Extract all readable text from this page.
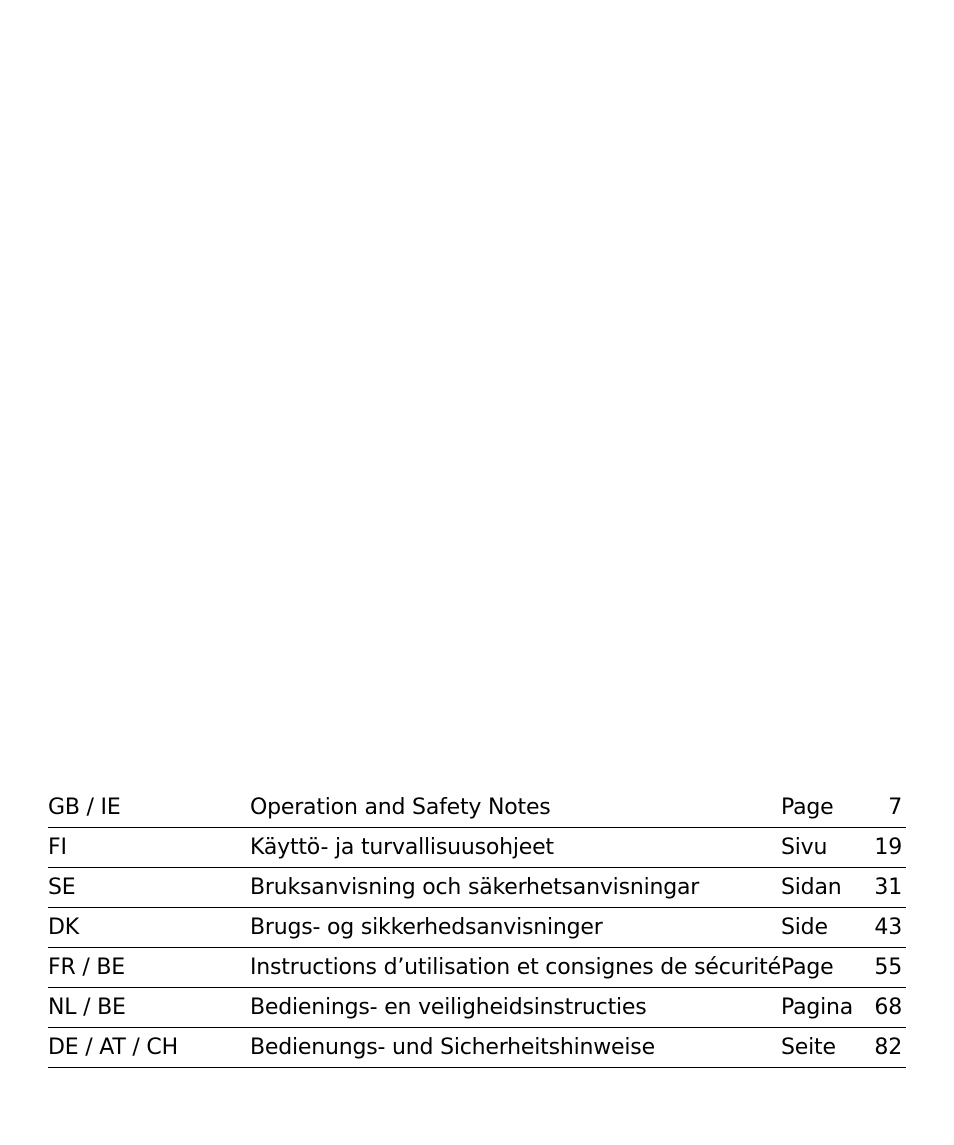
GB / IE	Operation and Safety Notes	Page 7
FI	Käyttö- ja turvallisuusohjeet	Sivu 19
SE	Bruksanvisning och säkerhetsanvisningar	Sidan 31
DK	Brugs- og sikkerhedsanvisninger	Side 43
FR / BE	Instructions d’utilisation et consignes de sécurité Page 55
NL / BE	Bedienings- en veiligheidsinstructies	Pagina 68
DE / AT / CH	Bedienungs- und Sicherheitshinweise	Seite 82
